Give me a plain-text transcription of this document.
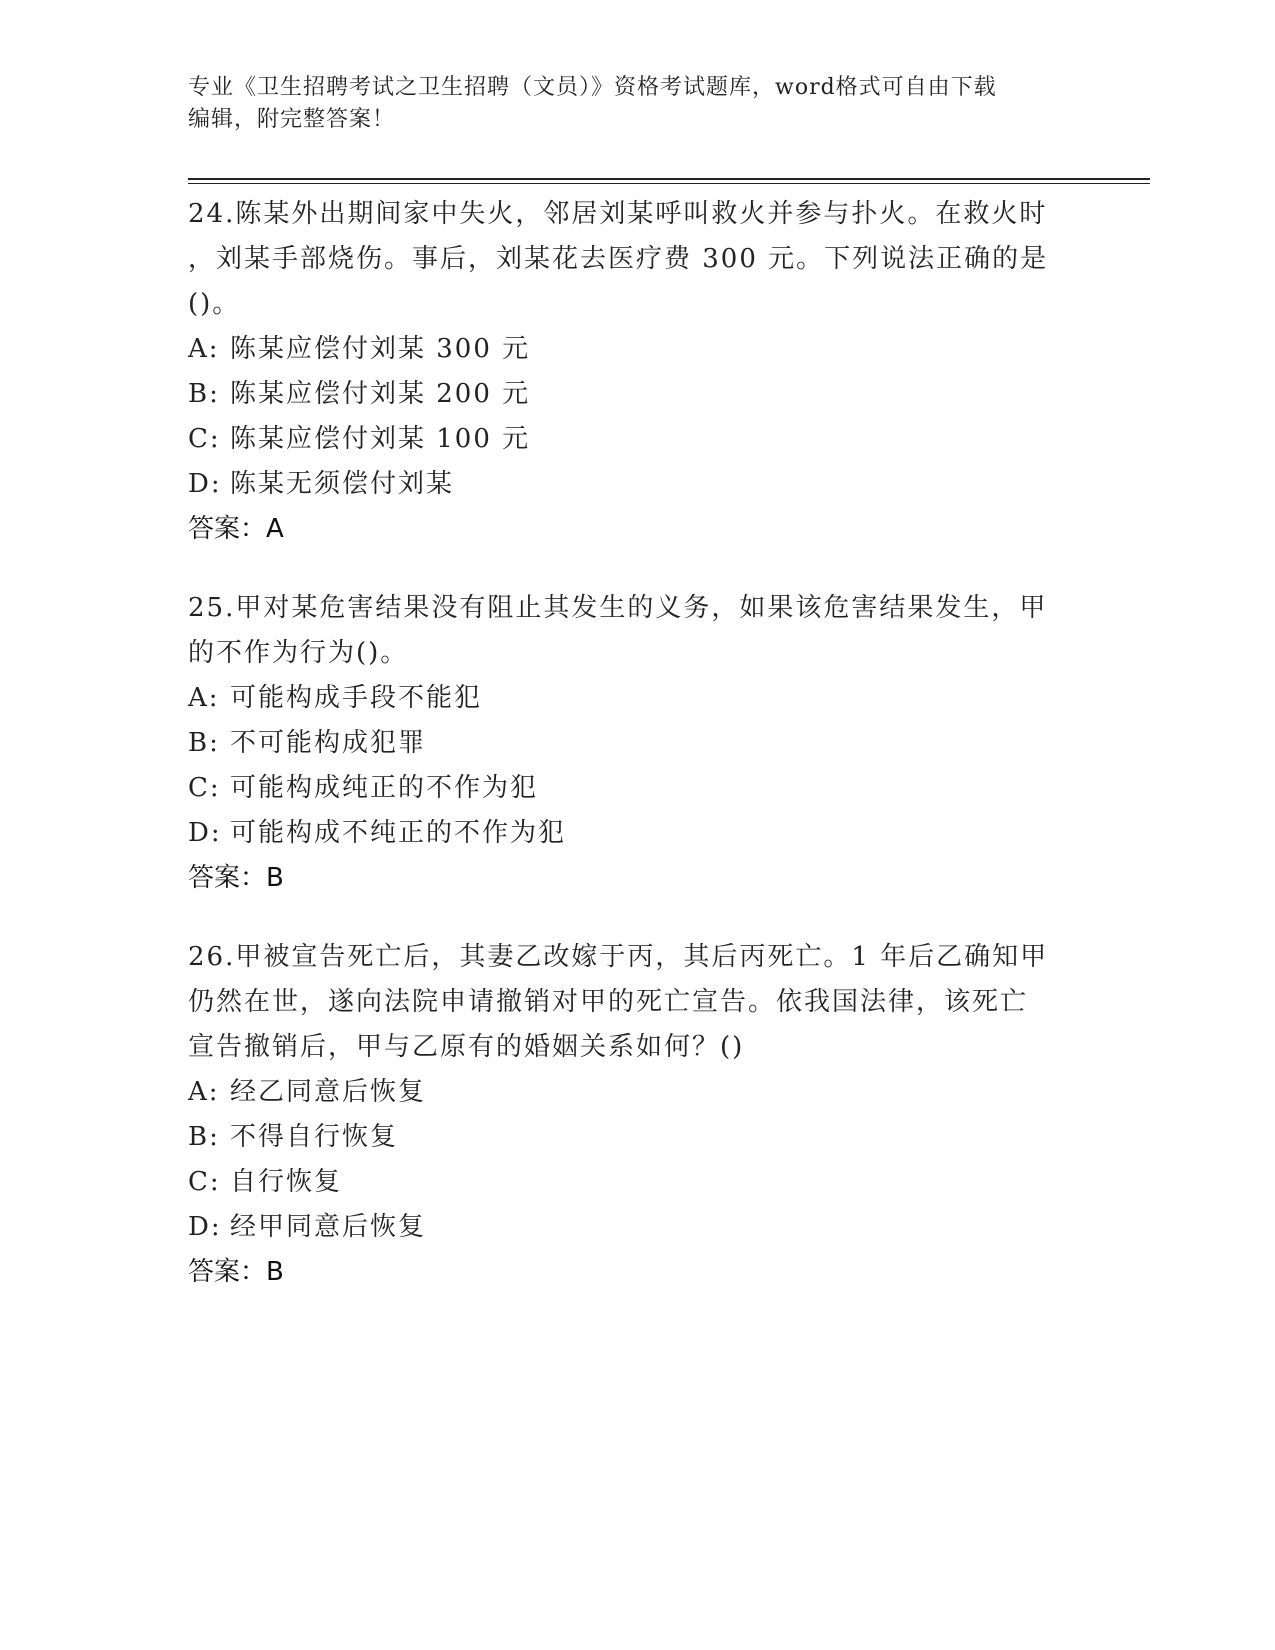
专业《卫生招聘考试之卫生招聘（文员）》资格考试题库，word格式可自由下载
编辑，附完整答案！
24.陈某外出期间家中失火，邻居刘某呼叫救火并参与扑火。在救火时
，刘某手部烧伤。事后，刘某花去医疗费 300 元。下列说法正确的是
()。
A: 陈某应偿付刘某 300 元
B: 陈某应偿付刘某 200 元
C: 陈某应偿付刘某 100 元
D: 陈某无须偿付刘某
答案：A
25.甲对某危害结果没有阻止其发生的义务，如果该危害结果发生，甲
的不作为行为()。
A: 可能构成手段不能犯
B: 不可能构成犯罪
C: 可能构成纯正的不作为犯
D: 可能构成不纯正的不作为犯
答案：B
26.甲被宣告死亡后，其妻乙改嫁于丙，其后丙死亡。1 年后乙确知甲
仍然在世，遂向法院申请撤销对甲的死亡宣告。依我国法律，该死亡
宣告撤销后，甲与乙原有的婚姻关系如何？()
A: 经乙同意后恢复
B: 不得自行恢复
C: 自行恢复
D: 经甲同意后恢复
答案：B
